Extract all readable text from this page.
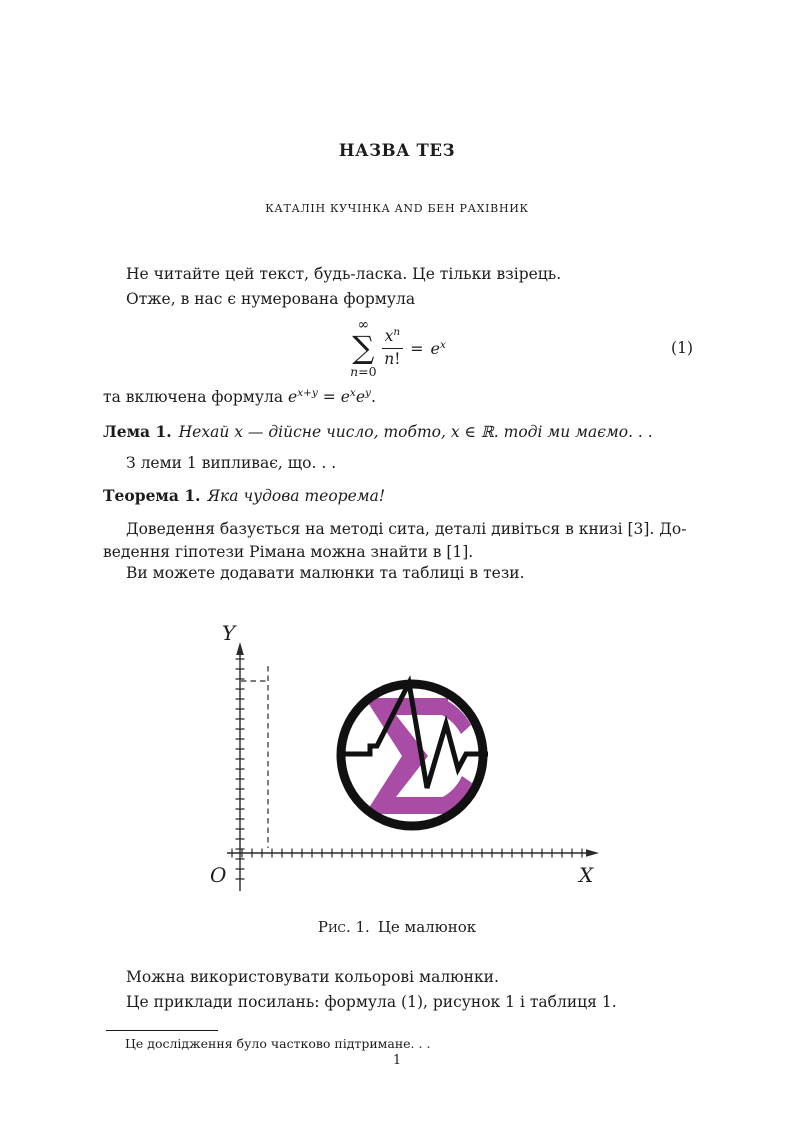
НАЗВА ТЕЗ
КАТАЛІН КУЧІНКА AND БЕН РАХІВНИК
Не читайте цей текст, будь-ласка. Це тільки взірець.
Отже, в нас є нумерована формула
∞
∑
n=0
$\frac{x^n}{n!} = e^x$	(1)
та включена формула $e^{x+y} = e^xe^y$.
Лема 1. Нехай x — дійсне число, тобто, x ∈ ℝ. тоді ми маємо. . .
З леми 1 випливає, що. . .
Теорема 1. Яка чудова теорема!
Доведення базується на методі сита, деталі дивіться в книзі [3]. До-
ведення гіпотези Рімана можна знайти в [1].
Ви можете додавати малюнки та таблиці в тези.
Y
X
O
Рис. 1. Це малюнок
Можна використовувати кольорові малюнки.
Це приклади посилань: формула (1), рисунок 1 і таблиця 1.
Це дослідження було частково підтримане. . .
1
